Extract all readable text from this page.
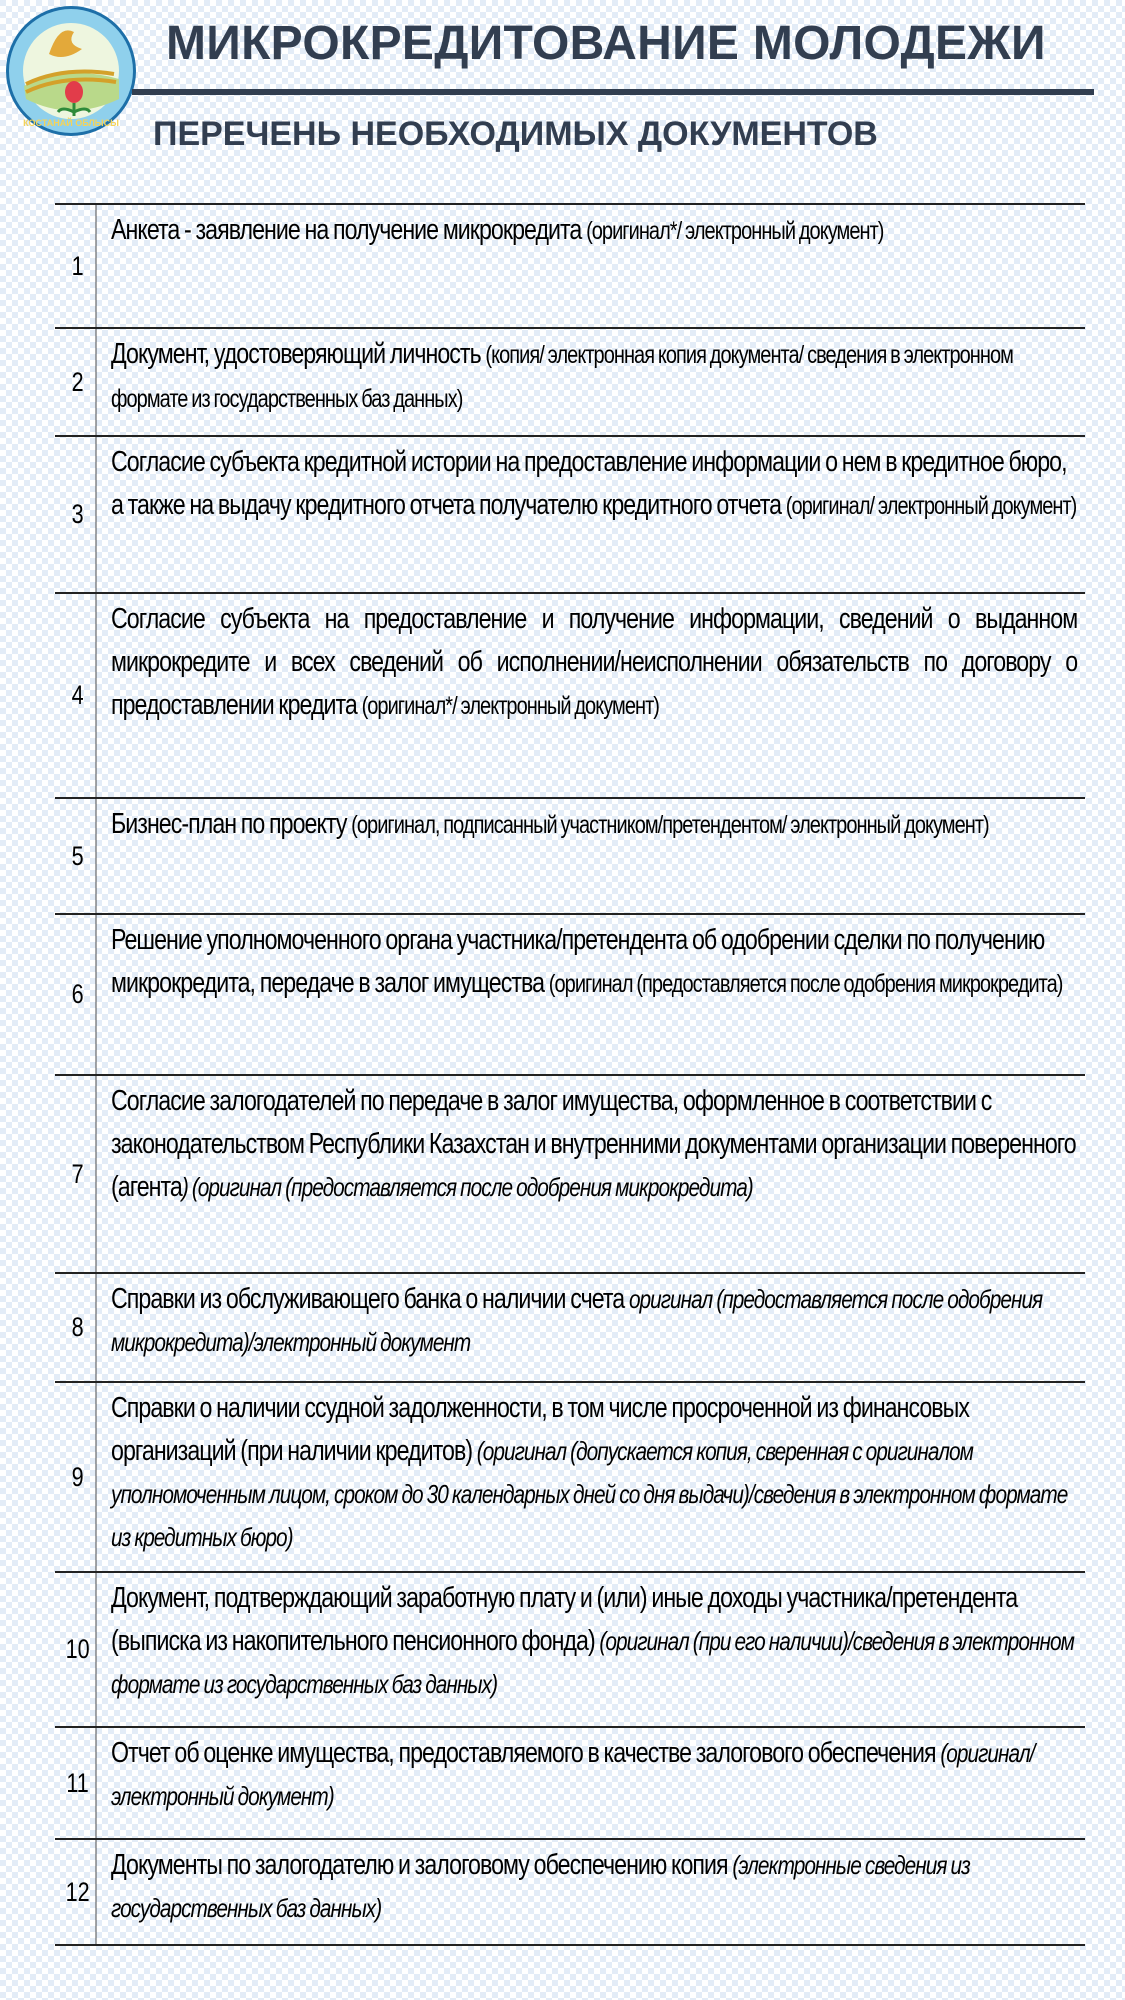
КОСТАНАЙ ОБЛЫСЫ
МИКРОКРЕДИТОВАНИЕ МОЛОДЕЖИ
ПЕРЕЧЕНЬ НЕОБХОДИМЫХ ДОКУМЕНТОВ
1
Анкета - заявление на получение микрокредита (оригинал*/ электронный документ)
2
Документ, удостоверяющий личность (копия/ электронная копия документа/ сведения в электронном формате из государственных баз данных)
3
Согласие субъекта кредитной истории на предоставление информации о нем в кредитное бюро, а также на выдачу кредитного отчета получателю кредитного отчета (оригинал/ электронный документ)
4
Согласие субъекта на предоставление и получение информации, сведений о выданном микрокредите и всех сведений об исполнении/неисполнении обязательств по договору о предоставлении кредита (оригинал*/ электронный документ)
5
Бизнес-план по проекту (оригинал, подписанный участником/претендентом/ электронный документ)
6
Решение уполномоченного органа участника/претендента об одобрении сделки по получению микрокредита, передаче в залог имущества (оригинал (предоставляется после одобрения микрокредита)
7
Согласие залогодателей по передаче в залог имущества, оформленное в соответствии с законодательством Республики Казахстан и внутренними документами организации поверенного (агента) (оригинал (предоставляется после одобрения микрокредита)
8
Справки из обслуживающего банка о наличии счета оригинал (предоставляется после одобрения микрокредита)/электронный документ
9
Справки о наличии ссудной задолженности, в том числе просроченной из финансовых организаций (при наличии кредитов) (оригинал (допускается копия, сверенная с оригиналом уполномоченным лицом, сроком до 30 календарных дней со дня выдачи)/сведения в электронном формате из кредитных бюро)
10
Документ, подтверждающий заработную плату и (или) иные доходы участника/претендента (выписка из накопительного пенсионного фонда) (оригинал (при его наличии)/сведения в электронном формате из государственных баз данных)
11
Отчет об оценке имущества, предоставляемого в качестве залогового обеспечения (оригинал/электронный документ)
12
Документы по залогодателю и залоговому обеспечению копия (электронные сведения из государственных баз данных)
